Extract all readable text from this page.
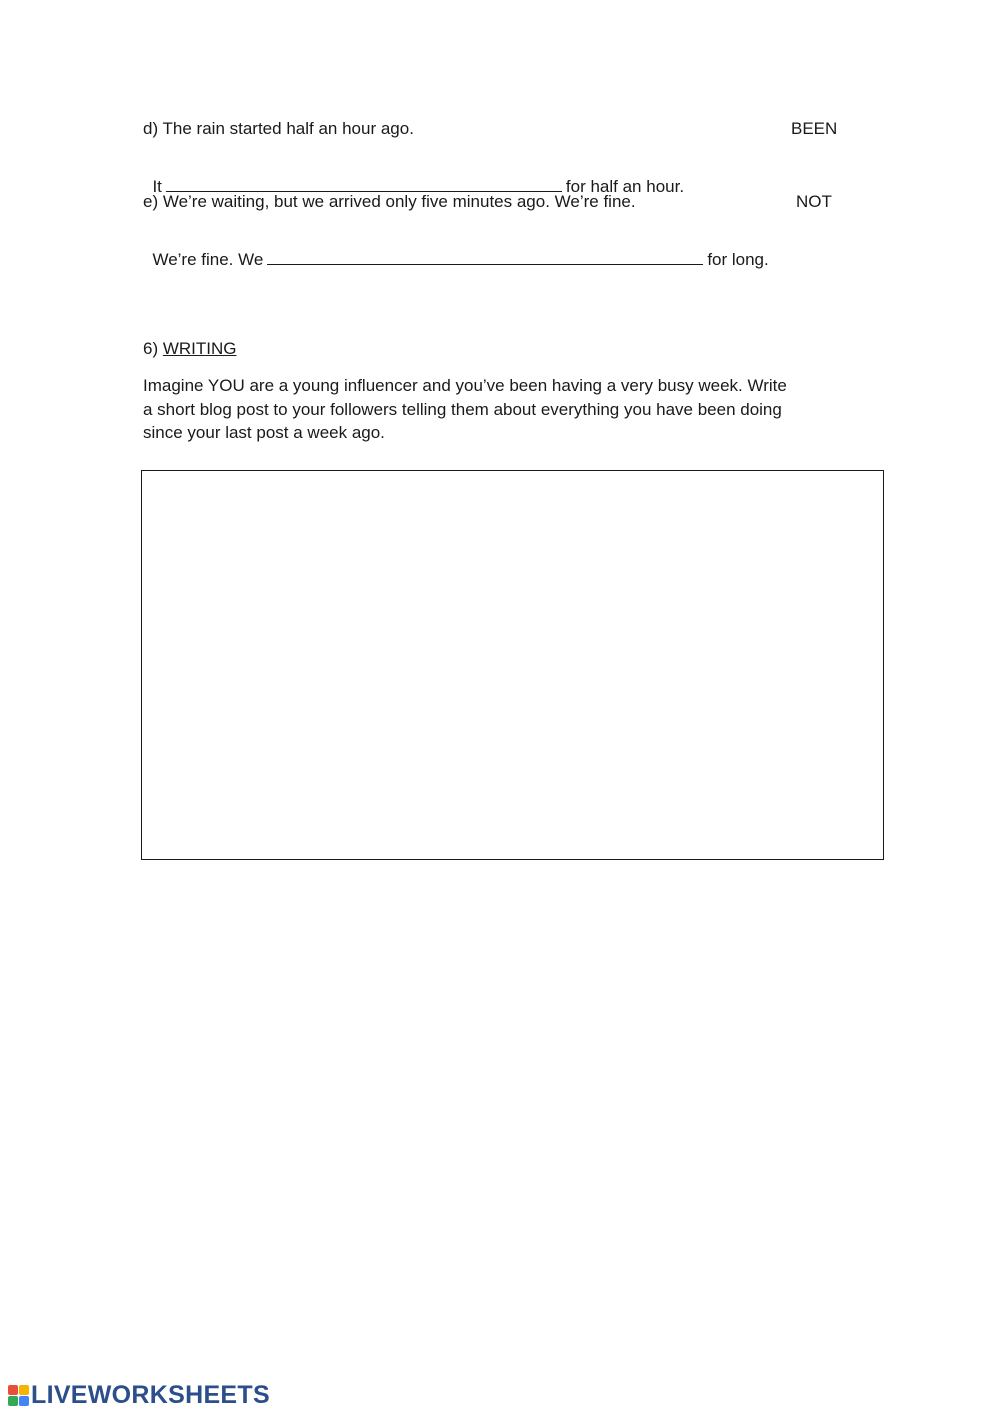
d) The rain started half an hour ago.	BEEN

It	for half an hour.

e) We’re waiting, but we arrived only five minutes ago. We’re fine.	NOT

We’re fine. We	for long.

6) WRITING
Imagine YOU are a young influencer and you’ve been having a very busy week. Write
a short blog post to your followers telling them about everything you have been doing
since your last post a week ago.
LIVEWORKSHEETS
